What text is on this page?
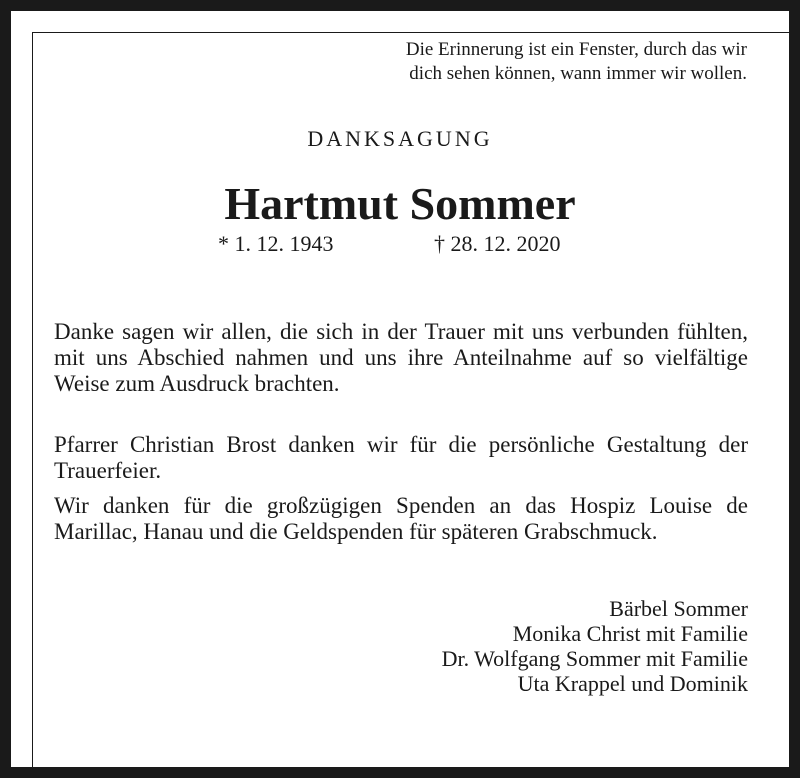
Die Erinnerung ist ein Fenster, durch das wir
dich sehen können, wann immer wir wollen.
DANKSAGUNG
Hartmut Sommer
* 1. 12. 1943	† 28. 12. 2020
Danke sagen wir allen, die sich in der Trauer mit uns verbunden fühlten, mit uns Abschied nahmen und uns ihre Anteilnahme auf so vielfältige Weise zum Ausdruck brachten.
Pfarrer Christian Brost danken wir für die persönliche Gestaltung der Trauerfeier.
Wir danken für die großzügigen Spenden an das Hospiz Louise de Marillac, Hanau und die Geldspenden für späteren Grabschmuck.
Bärbel Sommer
Monika Christ mit Familie
Dr. Wolfgang Sommer mit Familie
Uta Krappel und Dominik
